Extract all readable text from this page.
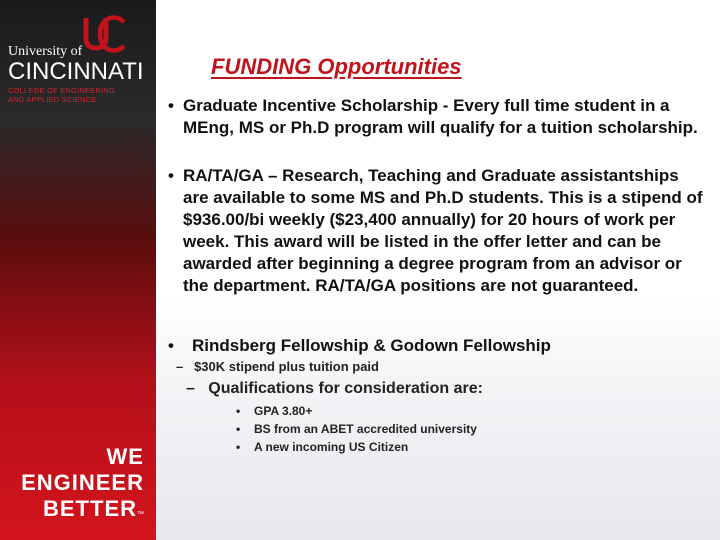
University of
CINCINNATI
COLLEGE OF ENGINEERING
AND APPLIED SCIENCE
WE
ENGINEER
BETTER™
FUNDING Opportunities
• Graduate Incentive Scholarship - Every full time student in a
MEng, MS or Ph.D program will qualify for a tuition scholarship.
• RA/TA/GA – Research, Teaching and Graduate assistantships
are available to some MS and Ph.D students. This is a stipend of
$936.00/bi weekly ($23,400 annually) for 20 hours of work per
week. This award will be listed in the offer letter and can be
awarded after beginning a degree program from an advisor or
the department. RA/TA/GA positions are not guaranteed.
• Rindsberg Fellowship & Godown Fellowship
– $30K stipend plus tuition paid
– Qualifications for consideration are:
• GPA 3.80+
• BS from an ABET accredited university
• A new incoming US Citizen
